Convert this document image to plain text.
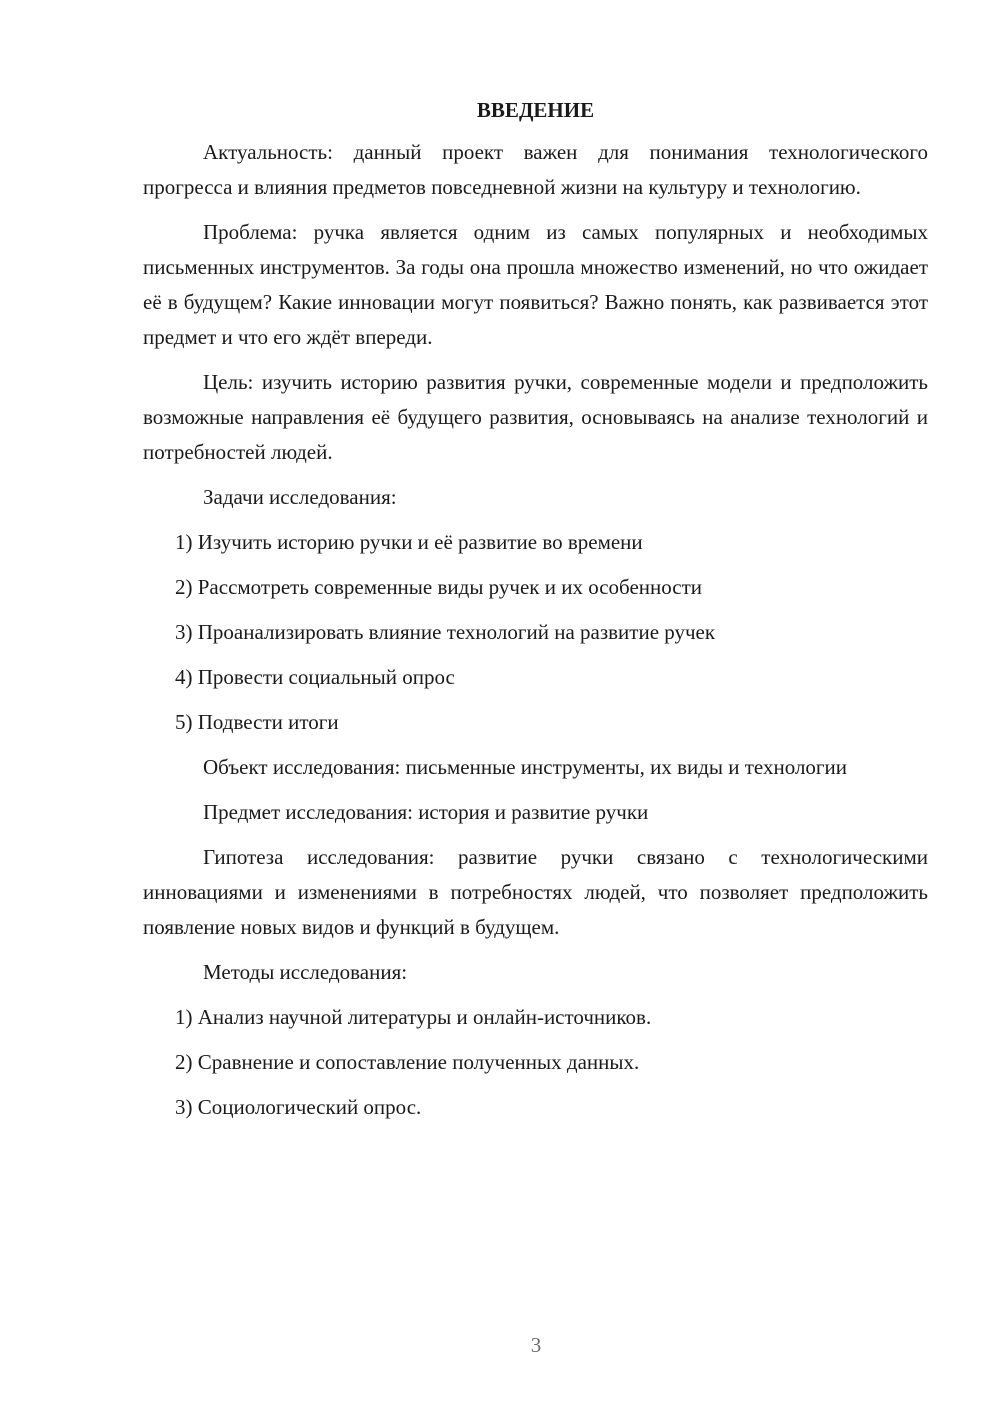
ВВЕДЕНИЕ

Актуальность: данный проект важен для понимания технологического прогресса и влияния предметов повседневной жизни на культуру и технологию.

Проблема: ручка является одним из самых популярных и необходимых письменных инструментов. За годы она прошла множество изменений, но что ожидает её в будущем? Какие инновации могут появиться? Важно понять, как развивается этот предмет и что его ждёт впереди.

Цель: изучить историю развития ручки, современные модели и предположить возможные направления её будущего развития, основываясь на анализе технологий и потребностей людей.

Задачи исследования:

1) Изучить историю ручки и её развитие во времени
2) Рассмотреть современные виды ручек и их особенности
3) Проанализировать влияние технологий на развитие ручек
4) Провести социальный опрос
5) Подвести итоги

Объект исследования: письменные инструменты, их виды и технологии

Предмет исследования: история и развитие ручки

Гипотеза исследования: развитие ручки связано с технологическими инновациями и изменениями в потребностях людей, что позволяет предположить появление новых видов и функций в будущем.

Методы исследования:

1) Анализ научной литературы и онлайн-источников.
2) Сравнение и сопоставление полученных данных.
3) Социологический опрос.
3
